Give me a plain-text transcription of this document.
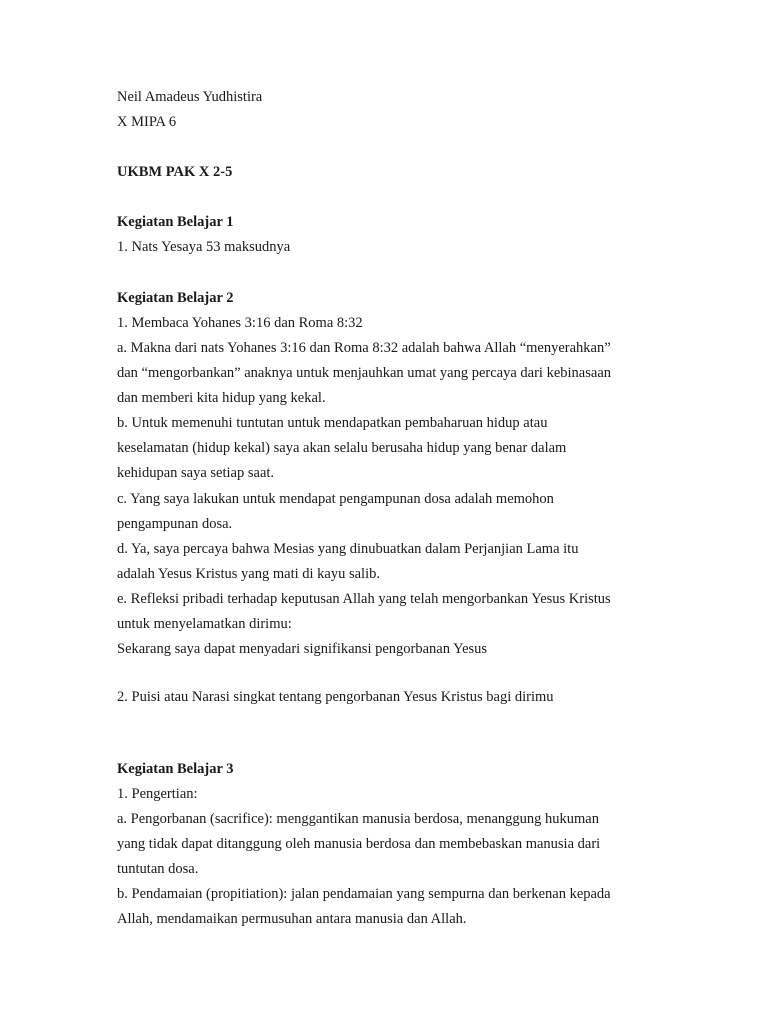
Neil Amadeus Yudhistira
X MIPA 6
UKBM PAK X 2-5
Kegiatan Belajar 1
1. Nats Yesaya 53 maksudnya
Kegiatan Belajar 2
1. Membaca Yohanes 3:16 dan Roma 8:32
a. Makna dari nats Yohanes 3:16 dan Roma 8:32 adalah bahwa Allah “menyerahkan”
dan “mengorbankan” anaknya untuk menjauhkan umat yang percaya dari kebinasaan
dan memberi kita hidup yang kekal.
b. Untuk memenuhi tuntutan untuk mendapatkan pembaharuan hidup atau
keselamatan (hidup kekal) saya akan selalu berusaha hidup yang benar dalam
kehidupan saya setiap saat.
c. Yang saya lakukan untuk mendapat pengampunan dosa adalah memohon
pengampunan dosa.
d. Ya, saya percaya bahwa Mesias yang dinubuatkan dalam Perjanjian Lama itu
adalah Yesus Kristus yang mati di kayu salib.
e. Refleksi pribadi terhadap keputusan Allah yang telah mengorbankan Yesus Kristus
untuk menyelamatkan dirimu:
Sekarang saya dapat menyadari signifikansi pengorbanan Yesus
2. Puisi atau Narasi singkat tentang pengorbanan Yesus Kristus bagi dirimu
Kegiatan Belajar 3
1. Pengertian:
a. Pengorbanan (sacrifice): menggantikan manusia berdosa, menanggung hukuman
yang tidak dapat ditanggung oleh manusia berdosa dan membebaskan manusia dari
tuntutan dosa.
b. Pendamaian (propitiation): jalan pendamaian yang sempurna dan berkenan kepada
Allah, mendamaikan permusuhan antara manusia dan Allah.
